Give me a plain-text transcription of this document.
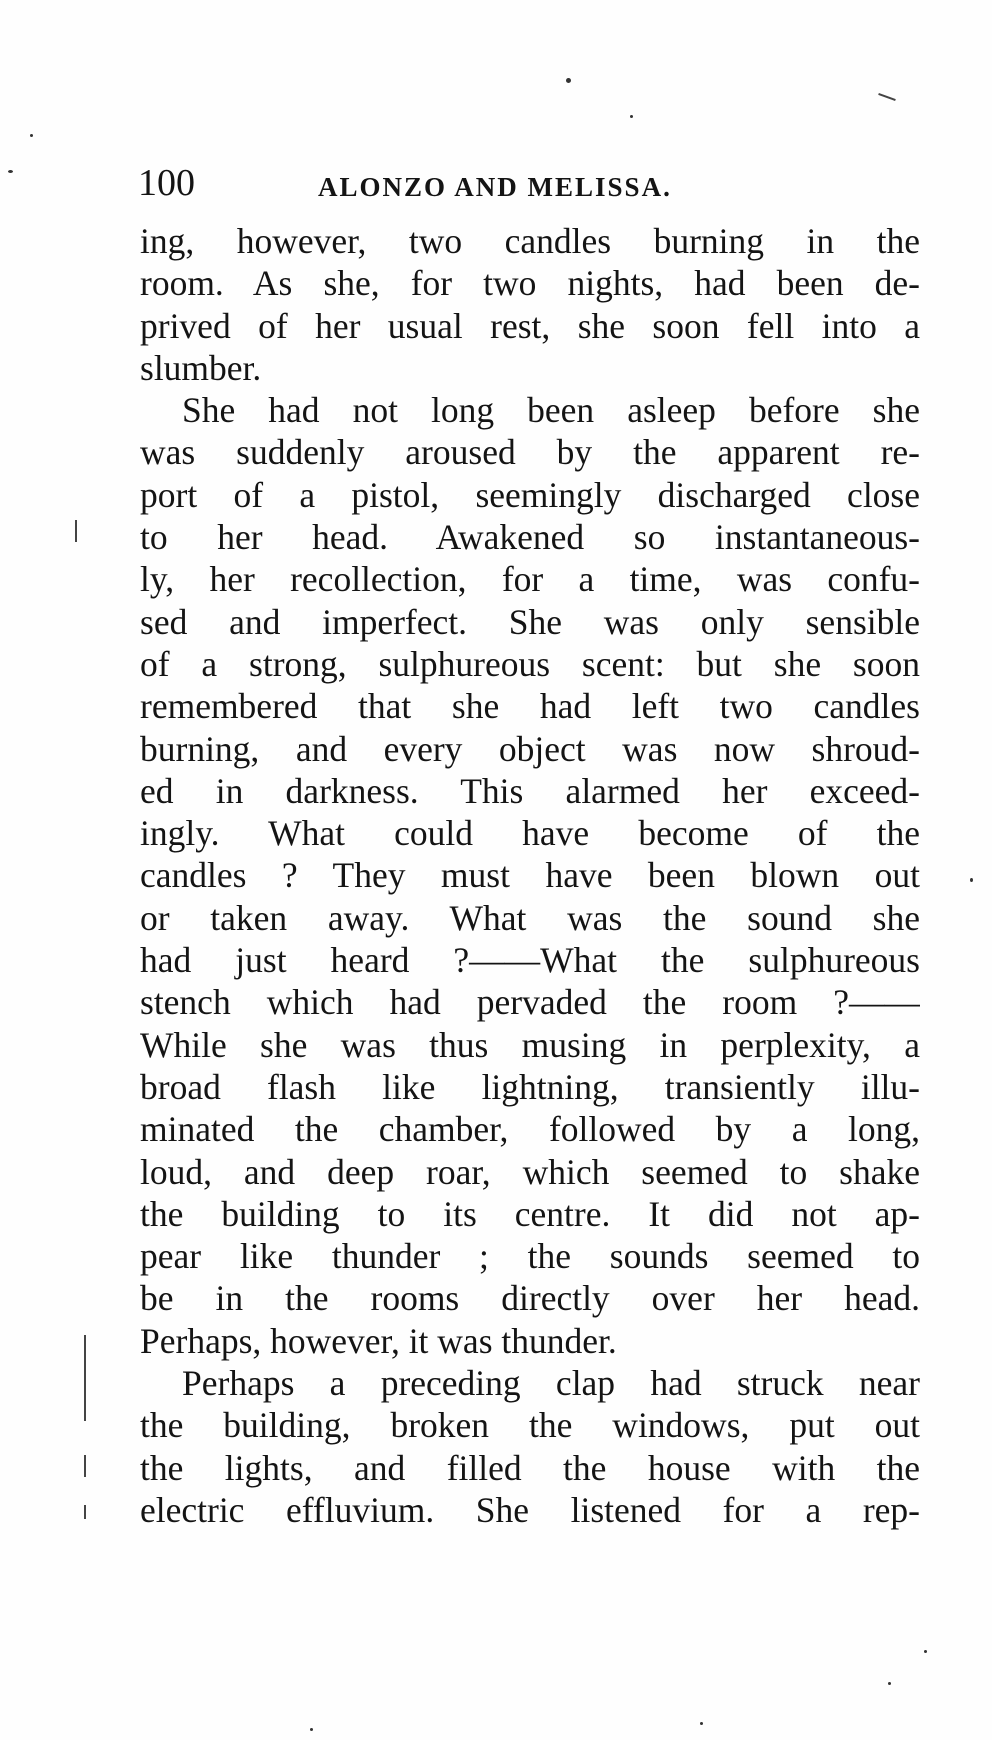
100	ALONZO AND MELISSA.
ing, however, two candles burning in the
room. As she, for two nights, had been de-
prived of her usual rest, she soon fell into a
slumber.
She had not long been asleep before she
was suddenly aroused by the apparent re-
port of a pistol, seemingly discharged close
to her head. Awakened so instantaneous-
ly, her recollection, for a time, was confu-
sed and imperfect. She was only sensible
of a strong, sulphureous scent: but she soon
remembered that she had left two candles
burning, and every object was now shroud-
ed in darkness. This alarmed her exceed-
ingly. What could have become of the
candles ? They must have been blown out
or taken away. What was the sound she
had just heard ?——What the sulphureous
stench which had pervaded the room ?——
While she was thus musing in perplexity, a
broad flash like lightning, transiently illu-
minated the chamber, followed by a long,
loud, and deep roar, which seemed to shake
the building to its centre. It did not ap-
pear like thunder ; the sounds seemed to
be in the rooms directly over her head.
Perhaps, however, it was thunder.
Perhaps a preceding clap had struck near
the building, broken the windows, put out
the lights, and filled the house with the
electric effluvium. She listened for a rep-
